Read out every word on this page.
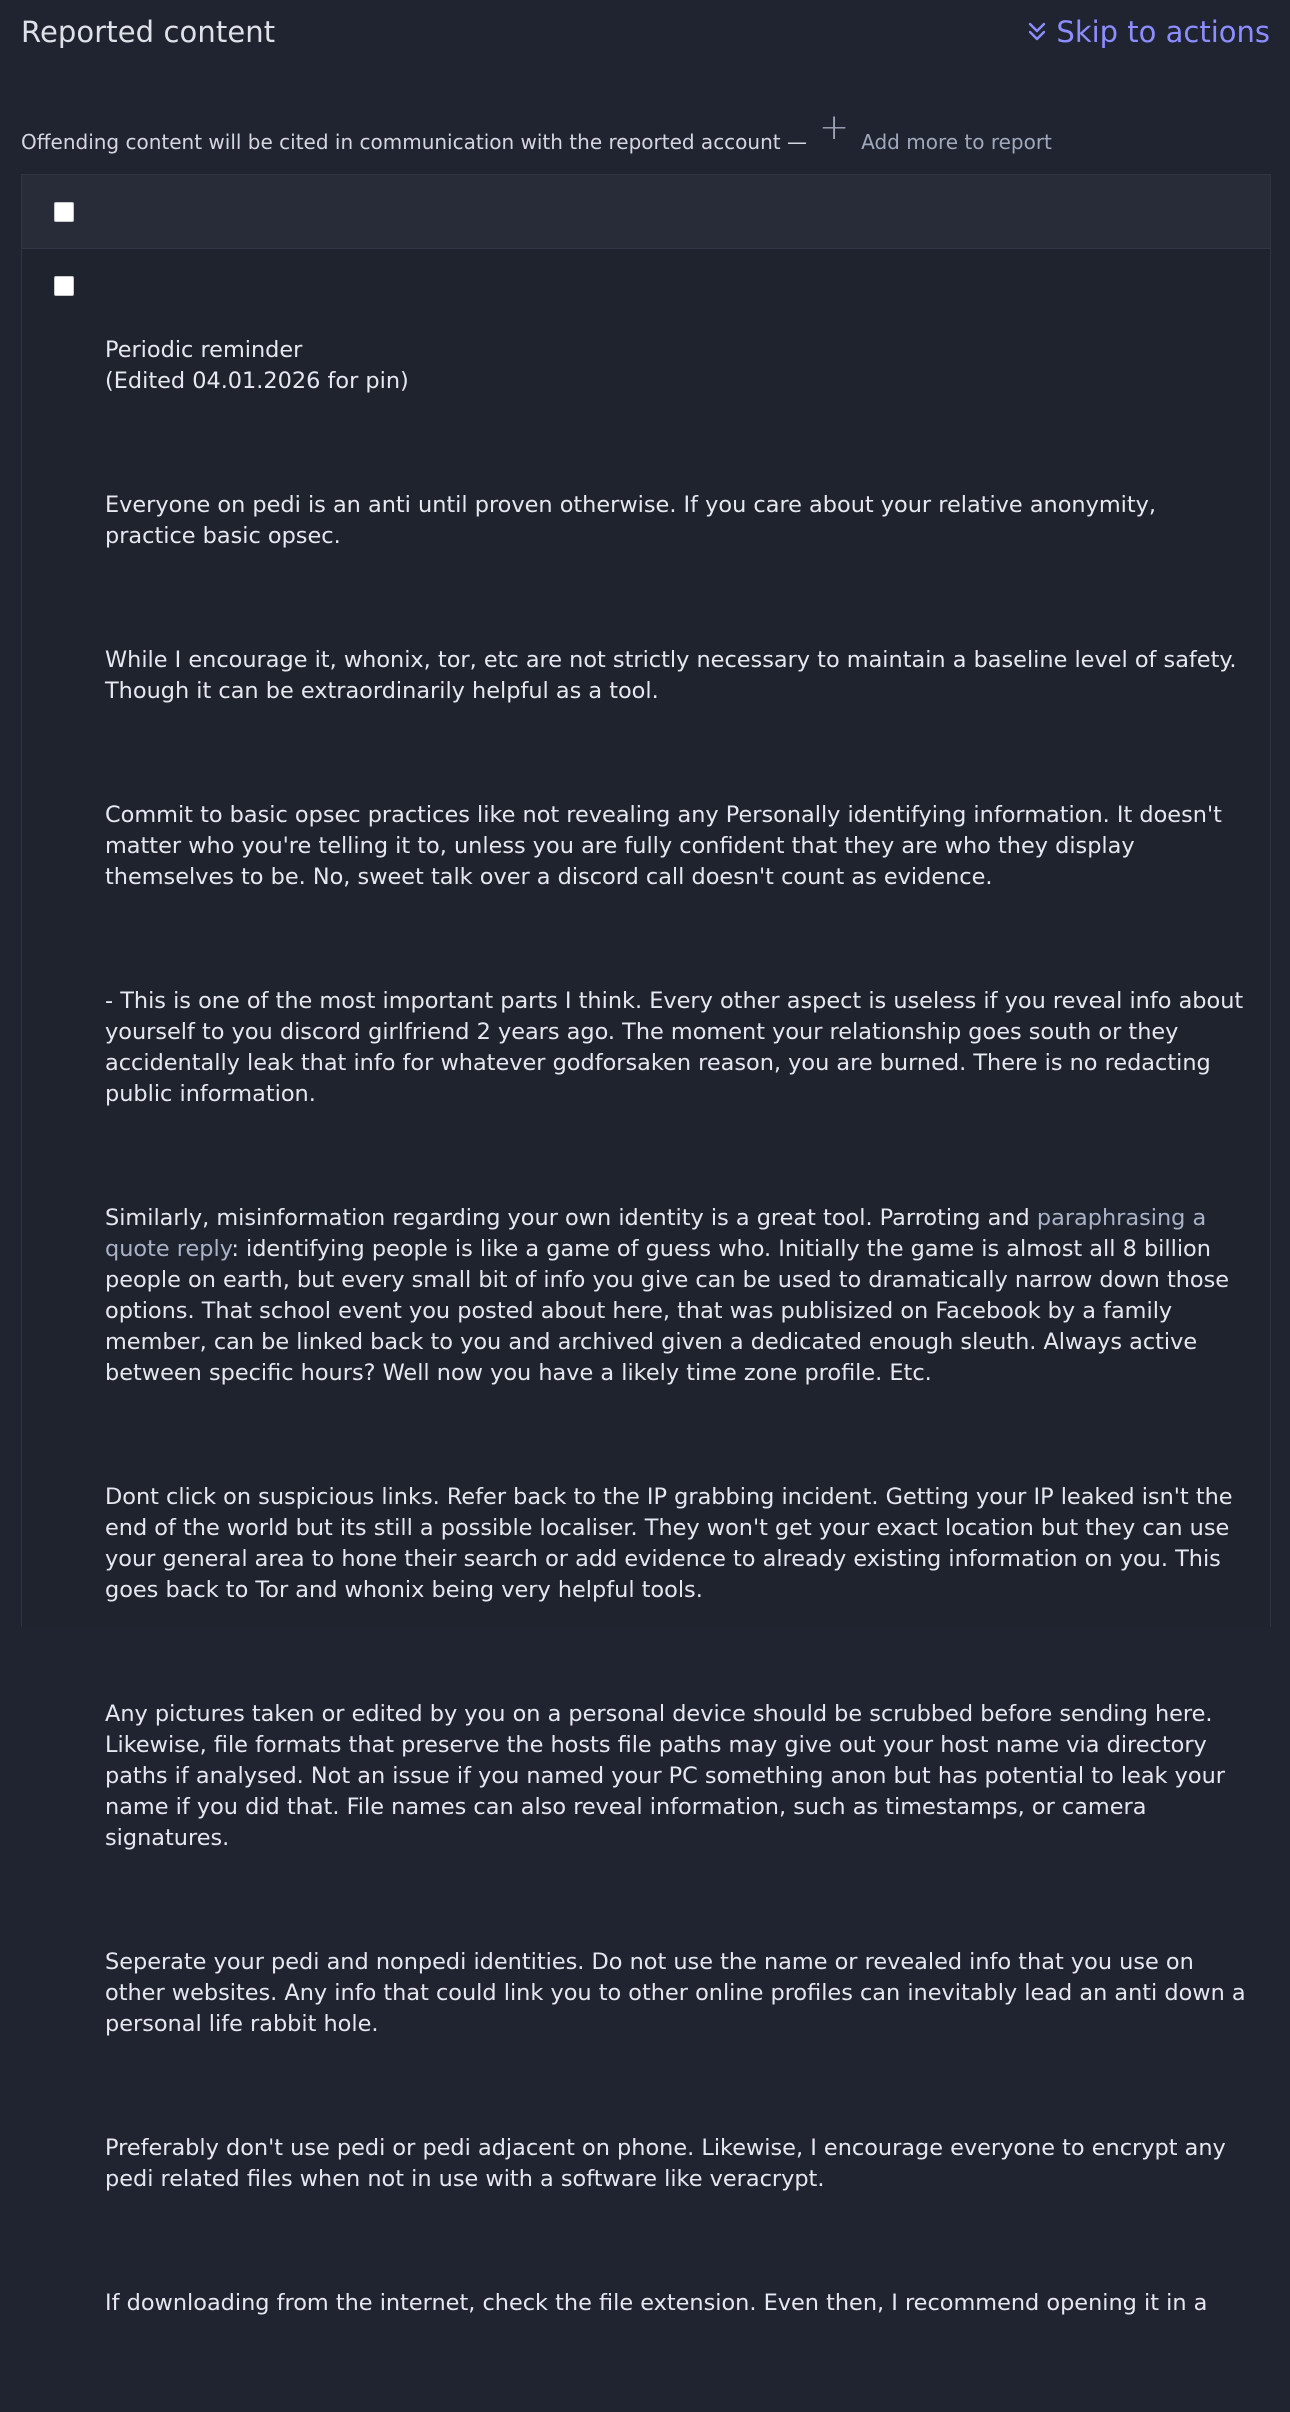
Reported content	Skip to actions
Offending content will be cited in communication with the reported account — + Add more to report

Periodic reminder
(Edited 04.01.2026 for pin)

Everyone on pedi is an anti until proven otherwise. If you care about your relative anonymity, practice basic opsec.

While I encourage it, whonix, tor, etc are not strictly necessary to maintain a baseline level of safety. Though it can be extraordinarily helpful as a tool.

Commit to basic opsec practices like not revealing any Personally identifying information. It doesn't matter who you're telling it to, unless you are fully confident that they are who they display themselves to be. No, sweet talk over a discord call doesn't count as evidence.

- This is one of the most important parts I think. Every other aspect is useless if you reveal info about yourself to you discord girlfriend 2 years ago. The moment your relationship goes south or they accidentally leak that info for whatever godforsaken reason, you are burned. There is no redacting public information.

Similarly, misinformation regarding your own identity is a great tool. Parroting and paraphrasing a quote reply: identifying people is like a game of guess who. Initially the game is almost all 8 billion people on earth, but every small bit of info you give can be used to dramatically narrow down those options. That school event you posted about here, that was publisized on Facebook by a family member, can be linked back to you and archived given a dedicated enough sleuth. Always active between specific hours? Well now you have a likely time zone profile. Etc.

Dont click on suspicious links. Refer back to the IP grabbing incident. Getting your IP leaked isn't the end of the world but its still a possible localiser. They won't get your exact location but they can use your general area to hone their search or add evidence to already existing information on you. This goes back to Tor and whonix being very helpful tools.

Any pictures taken or edited by you on a personal device should be scrubbed before sending here. Likewise, file formats that preserve the hosts file paths may give out your host name via directory paths if analysed. Not an issue if you named your PC something anon but has potential to leak your name if you did that. File names can also reveal information, such as timestamps, or camera signatures.

Seperate your pedi and nonpedi identities. Do not use the name or revealed info that you use on other websites. Any info that could link you to other online profiles can inevitably lead an anti down a personal life rabbit hole.

Preferably don't use pedi or pedi adjacent on phone. Likewise, I encourage everyone to encrypt any pedi related files when not in use with a software like veracrypt.

If downloading from the internet, check the file extension. Even then, I recommend opening it in a
